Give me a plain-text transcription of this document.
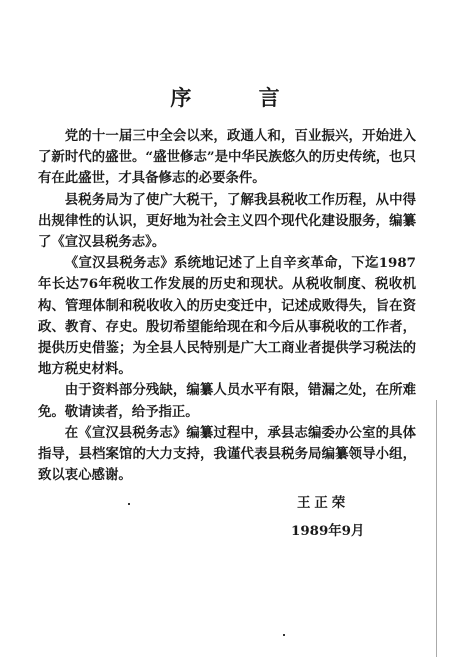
序 言

党的十一届三中全会以来，政通人和，百业振兴，开始进入了新时代的盛世。“盛世修志”是中华民族悠久的历史传统，也只有在此盛世，才具备修志的必要条件。

县税务局为了使广大税干，了解我县税收工作历程，从中得出规律性的认识，更好地为社会主义四个现代化建设服务，编纂了《宣汉县税务志》。

《宣汉县税务志》系统地记述了上自辛亥革命，下迄1987年长达76年税收工作发展的历史和现状。从税收制度、税收机构、管理体制和税收收入的历史变迁中，记述成败得失，旨在资政、教育、存史。殷切希望能给现在和今后从事税收的工作者，提供历史借鉴；为全县人民特别是广大工商业者提供学习税法的地方税史材料。

由于资料部分残缺，编纂人员水平有限，错漏之处，在所难免。敬请读者，给予指正。

在《宣汉县税务志》编纂过程中，承县志编委办公室的具体指导，县档案馆的大力支持，我谨代表县税务局编纂领导小组，致以衷心感谢。

王正荣
1989年9月
